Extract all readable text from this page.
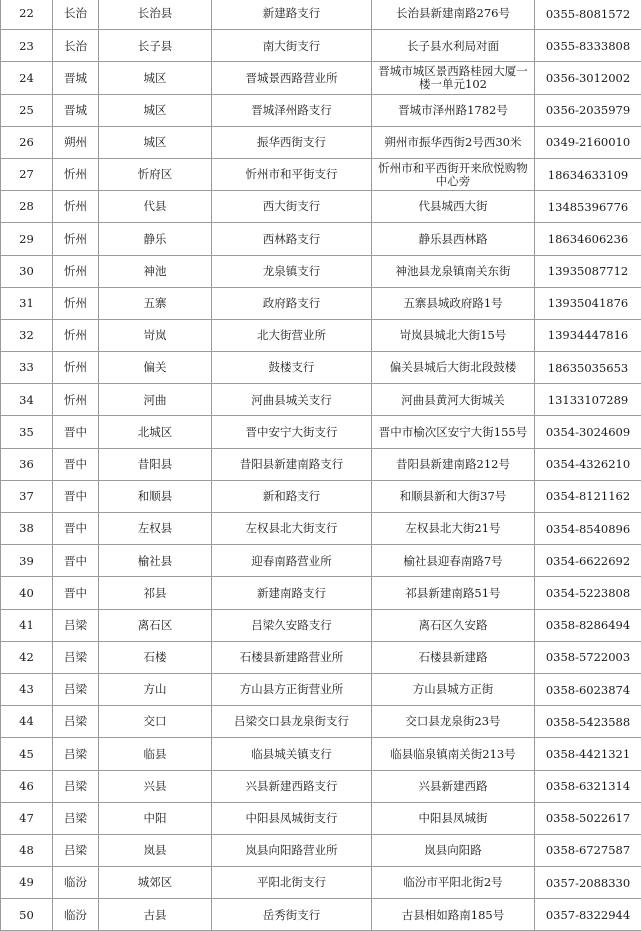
22	长治	长治县	新建路支行	长治县新建南路276号	0355-8081572
23	长治	长子县	南大街支行	长子县水利局对面	0355-8333808
24	晋城	城区	晋城景西路营业所	晋城市城区景西路桂园大厦一楼一单元102	0356-3012002
25	晋城	城区	晋城泽州路支行	晋城市泽州路1782号	0356-2035979
26	朔州	城区	振华西街支行	朔州市振华西街2号西30米	0349-2160010
27	忻州	忻府区	忻州市和平街支行	忻州市和平西街开来欣悦购物中心旁	18634633109
28	忻州	代县	西大街支行	代县城西大街	13485396776
29	忻州	静乐	西林路支行	静乐县西林路	18634606236
30	忻州	神池	龙泉镇支行	神池县龙泉镇南关东街	13935087712
31	忻州	五寨	政府路支行	五寨县城政府路1号	13935041876
32	忻州	岢岚	北大街营业所	岢岚县城北大街15号	13934447816
33	忻州	偏关	鼓楼支行	偏关县城后大街北段鼓楼	18635035653
34	忻州	河曲	河曲县城关支行	河曲县黄河大街城关	13133107289
35	晋中	北城区	晋中安宁大街支行	晋中市榆次区安宁大街155号	0354-3024609
36	晋中	昔阳县	昔阳县新建南路支行	昔阳县新建南路212号	0354-4326210
37	晋中	和顺县	新和路支行	和顺县新和大街37号	0354-8121162
38	晋中	左权县	左权县北大街支行	左权县北大街21号	0354-8540896
39	晋中	榆社县	迎春南路营业所	榆社县迎春南路7号	0354-6622692
40	晋中	祁县	新建南路支行	祁县新建南路51号	0354-5223808
41	吕梁	离石区	吕梁久安路支行	离石区久安路	0358-8286494
42	吕梁	石楼	石楼县新建路营业所	石楼县新建路	0358-5722003
43	吕梁	方山	方山县方正街营业所	方山县城方正街	0358-6023874
44	吕梁	交口	吕梁交口县龙泉街支行	交口县龙泉街23号	0358-5423588
45	吕梁	临县	临县城关镇支行	临县临泉镇南关街213号	0358-4421321
46	吕梁	兴县	兴县新建西路支行	兴县新建西路	0358-6321314
47	吕梁	中阳	中阳县凤城街支行	中阳县凤城街	0358-5022617
48	吕梁	岚县	岚县向阳路营业所	岚县向阳路	0358-6727587
49	临汾	城郊区	平阳北街支行	临汾市平阳北街2号	0357-2088330
50	临汾	古县	岳秀街支行	古县相如路南185号	0357-8322944
